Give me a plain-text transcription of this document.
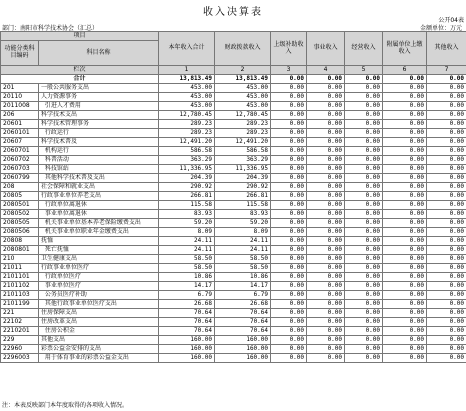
收入决算表
公开04表
部门：南阳市科学技术协会（汇总）	金额单位：万元
项目		本年收入合计	财政拨款收入	上级补助收入	事业收入	经营收入	附属单位上缴收入	其他收入
功能分类科目编码	科目名称							
栏次		1	2	3	4	5	6	7
合计		13,813.49	13,813.49	0.00	0.00	0.00	0.00	0.00
201	一般公共服务支出	453.00	453.00	0.00	0.00	0.00	0.00	0.00
20110	人力资源事务	453.00	453.00	0.00	0.00	0.00	0.00	0.00
2011008	引进人才费用	453.00	453.00	0.00	0.00	0.00	0.00	0.00
206	科学技术支出	12,780.45	12,780.45	0.00	0.00	0.00	0.00	0.00
20601	科学技术管理事务	289.23	289.23	0.00	0.00	0.00	0.00	0.00
2060101	行政运行	289.23	289.23	0.00	0.00	0.00	0.00	0.00
20607	科学技术普及	12,491.20	12,491.20	0.00	0.00	0.00	0.00	0.00
2060701	机构运行	586.58	586.58	0.00	0.00	0.00	0.00	0.00
2060702	科普活动	363.29	363.29	0.00	0.00	0.00	0.00	0.00
2060703	科技馆站	11,336.95	11,336.95	0.00	0.00	0.00	0.00	0.00
2060799	其他科学技术普及支出	204.39	204.39	0.00	0.00	0.00	0.00	0.00
208	社会保障和就业支出	290.92	290.92	0.00	0.00	0.00	0.00	0.00
20805	行政事业单位养老支出	266.81	266.81	0.00	0.00	0.00	0.00	0.00
2080501	行政单位离退休	115.58	115.58	0.00	0.00	0.00	0.00	0.00
2080502	事业单位离退休	83.93	83.93	0.00	0.00	0.00	0.00	0.00
2080505	机关事业单位基本养老保险缴费支出	59.20	59.20	0.00	0.00	0.00	0.00	0.00
2080506	机关事业单位职业年金缴费支出	8.09	8.09	0.00	0.00	0.00	0.00	0.00
20808	抚恤	24.11	24.11	0.00	0.00	0.00	0.00	0.00
2080801	死亡抚恤	24.11	24.11	0.00	0.00	0.00	0.00	0.00
210	卫生健康支出	58.50	58.50	0.00	0.00	0.00	0.00	0.00
21011	行政事业单位医疗	58.50	58.50	0.00	0.00	0.00	0.00	0.00
2101101	行政单位医疗	10.86	10.86	0.00	0.00	0.00	0.00	0.00
2101102	事业单位医疗	14.17	14.17	0.00	0.00	0.00	0.00	0.00
2101103	公务员医疗补助	6.79	6.79	0.00	0.00	0.00	0.00	0.00
2101199	其他行政事业单位医疗支出	26.68	26.68	0.00	0.00	0.00	0.00	0.00
221	住房保障支出	70.64	70.64	0.00	0.00	0.00	0.00	0.00
22102	住房改革支出	70.64	70.64	0.00	0.00	0.00	0.00	0.00
2210201	住房公积金	70.64	70.64	0.00	0.00	0.00	0.00	0.00
229	其他支出	160.00	160.00	0.00	0.00	0.00	0.00	0.00
22960	彩票公益金安排的支出	160.00	160.00	0.00	0.00	0.00	0.00	0.00
2296003	用于体育事业的彩票公益金支出	160.00	160.00	0.00	0.00	0.00	0.00	0.00
注：本表反映部门本年度取得的各项收入情况。
